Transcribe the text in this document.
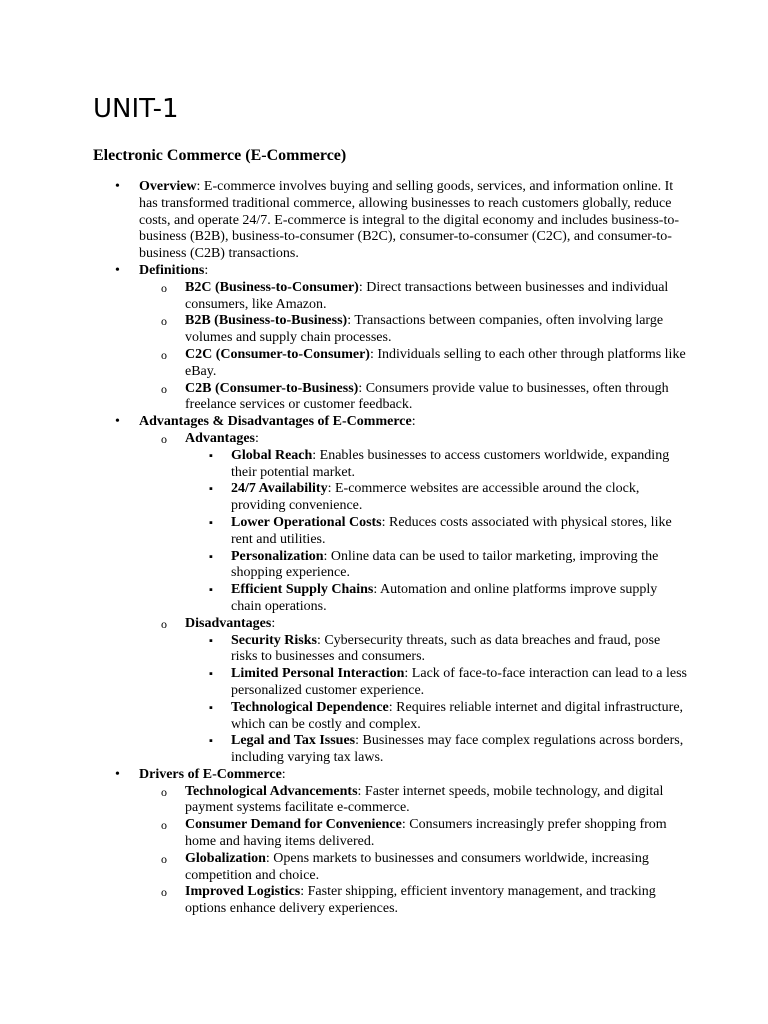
UNIT-1
Electronic Commerce (E-Commerce)
• Overview: E-commerce involves buying and selling goods, services, and information online. It has transformed traditional commerce, allowing businesses to reach customers globally, reduce costs, and operate 24/7. E-commerce is integral to the digital economy and includes business-to-business (B2B), business-to-consumer (B2C), consumer-to-consumer (C2C), and consumer-to-business (C2B) transactions.
• Definitions:
o B2C (Business-to-Consumer): Direct transactions between businesses and individual consumers, like Amazon.
o B2B (Business-to-Business): Transactions between companies, often involving large volumes and supply chain processes.
o C2C (Consumer-to-Consumer): Individuals selling to each other through platforms like eBay.
o C2B (Consumer-to-Business): Consumers provide value to businesses, often through freelance services or customer feedback.
• Advantages & Disadvantages of E-Commerce:
o Advantages:
▪ Global Reach: Enables businesses to access customers worldwide, expanding their potential market.
▪ 24/7 Availability: E-commerce websites are accessible around the clock, providing convenience.
▪ Lower Operational Costs: Reduces costs associated with physical stores, like rent and utilities.
▪ Personalization: Online data can be used to tailor marketing, improving the shopping experience.
▪ Efficient Supply Chains: Automation and online platforms improve supply chain operations.
o Disadvantages:
▪ Security Risks: Cybersecurity threats, such as data breaches and fraud, pose risks to businesses and consumers.
▪ Limited Personal Interaction: Lack of face-to-face interaction can lead to a less personalized customer experience.
▪ Technological Dependence: Requires reliable internet and digital infrastructure, which can be costly and complex.
▪ Legal and Tax Issues: Businesses may face complex regulations across borders, including varying tax laws.
• Drivers of E-Commerce:
o Technological Advancements: Faster internet speeds, mobile technology, and digital payment systems facilitate e-commerce.
o Consumer Demand for Convenience: Consumers increasingly prefer shopping from home and having items delivered.
o Globalization: Opens markets to businesses and consumers worldwide, increasing competition and choice.
o Improved Logistics: Faster shipping, efficient inventory management, and tracking options enhance delivery experiences.
